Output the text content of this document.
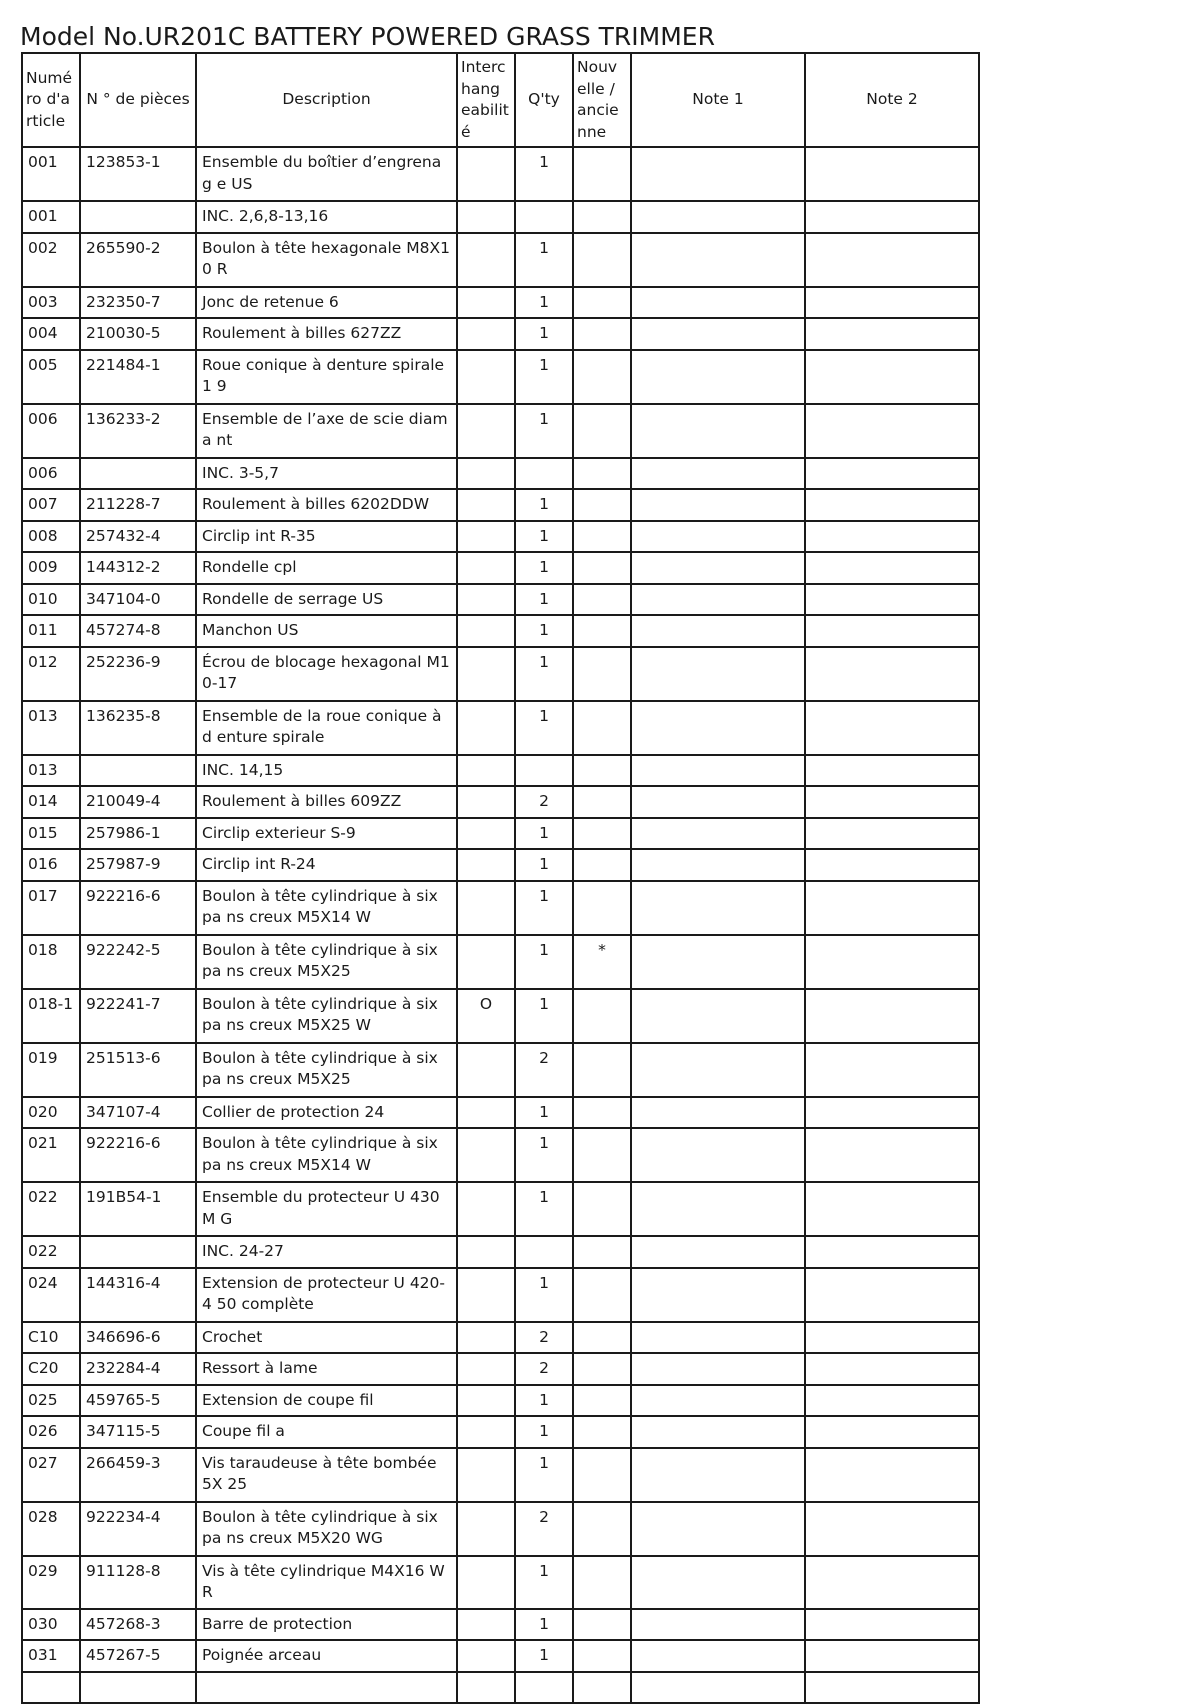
Model No.UR201C BATTERY POWERED GRASS TRIMMER
Numé ro d'a rticle	N ° de pièces	Description	Interc hang eabilit é	Q'ty	Nouv elle / ancie nne	Note 1	Note 2
001	123853-1	Ensemble du boîtier d’engrenag e US		1			
001		INC. 2,6,8-13,16					
002	265590-2	Boulon à tête hexagonale M8X10 R		1			
003	232350-7	Jonc de retenue 6		1			
004	210030-5	Roulement à billes 627ZZ		1			
005	221484-1	Roue conique à denture spirale 1 9		1			
006	136233-2	Ensemble de l’axe de scie diama nt		1			
006		INC. 3-5,7					
007	211228-7	Roulement à billes 6202DDW		1			
008	257432-4	Circlip int R-35		1			
009	144312-2	Rondelle cpl		1			
010	347104-0	Rondelle de serrage US		1			
011	457274-8	Manchon US		1			
012	252236-9	Écrou de blocage hexagonal M1 0-17		1			
013	136235-8	Ensemble de la roue conique à d enture spirale		1			
013		INC. 14,15					
014	210049-4	Roulement à billes 609ZZ		2			
015	257986-1	Circlip exterieur S-9		1			
016	257987-9	Circlip int R-24		1			
017	922216-6	Boulon à tête cylindrique à six pa ns creux M5X14 W		1			
018	922242-5	Boulon à tête cylindrique à six pa ns creux M5X25		1	*		
018-1	922241-7	Boulon à tête cylindrique à six pa ns creux M5X25 W	O	1			
019	251513-6	Boulon à tête cylindrique à six pa ns creux M5X25		2			
020	347107-4	Collier de protection 24		1			
021	922216-6	Boulon à tête cylindrique à six pa ns creux M5X14 W		1			
022	191B54-1	Ensemble du protecteur U 430 M G		1			
022		INC. 24-27					
024	144316-4	Extension de protecteur U 420-4 50 complète		1			
C10	346696-6	Crochet		2			
C20	232284-4	Ressort à lame		2			
025	459765-5	Extension de coupe fil		1			
026	347115-5	Coupe fil a		1			
027	266459-3	Vis taraudeuse à tête bombée 5X 25		1			
028	922234-4	Boulon à tête cylindrique à six pa ns creux M5X20 WG		2			
029	911128-8	Vis à tête cylindrique M4X16 WR		1			
030	457268-3	Barre de protection		1			
031	457267-5	Poignée arceau		1			
